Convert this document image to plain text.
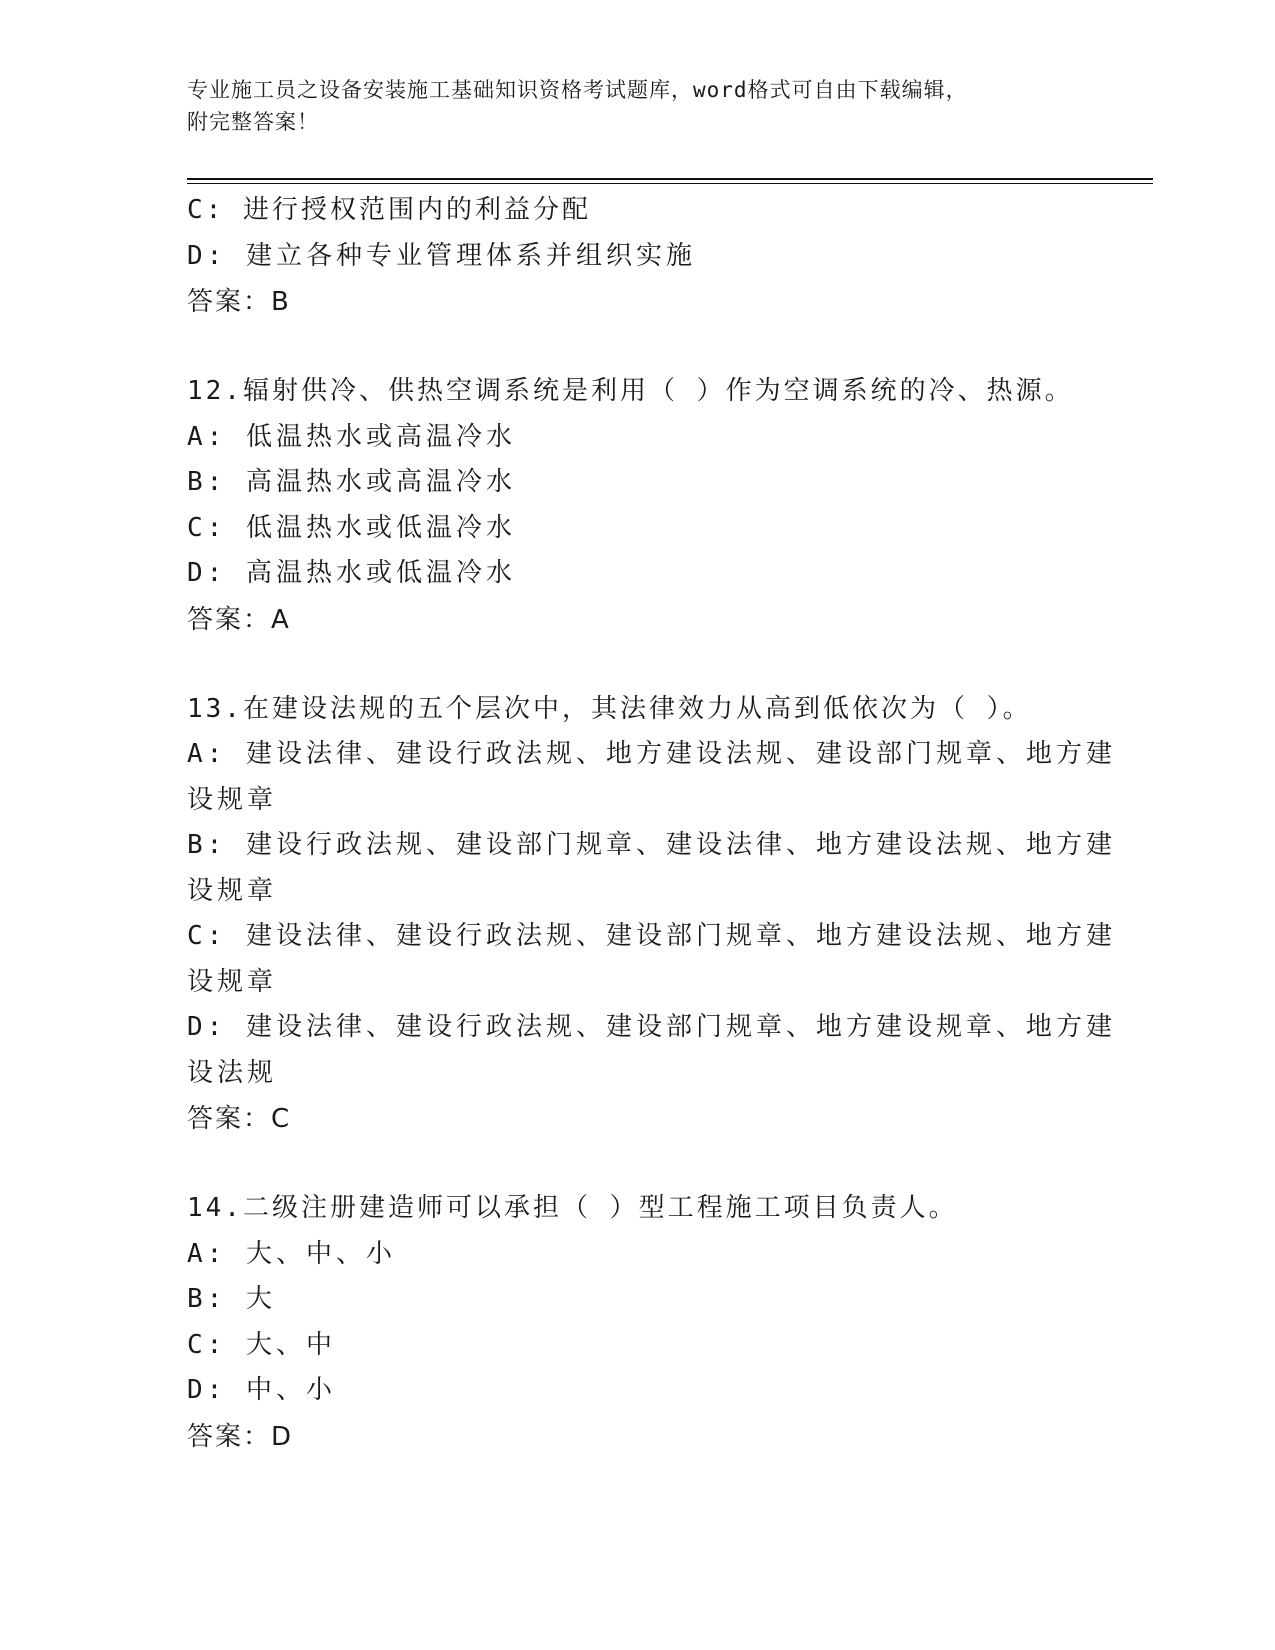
专业施工员之设备安装施工基础知识资格考试题库，word格式可自由下载编辑，
附完整答案！
C: 进行授权范围内的利益分配
D: 建立各种专业管理体系并组织实施
答案：B
12.辐射供冷、供热空调系统是利用（ ）作为空调系统的冷、热源。
A: 低温热水或高温冷水
B: 高温热水或高温冷水
C: 低温热水或低温冷水
D: 高温热水或低温冷水
答案：A
13.在建设法规的五个层次中，其法律效力从高到低依次为（ ）。
A: 建设法律、建设行政法规、地方建设法规、建设部门规章、地方建
设规章
B: 建设行政法规、建设部门规章、建设法律、地方建设法规、地方建
设规章
C: 建设法律、建设行政法规、建设部门规章、地方建设法规、地方建
设规章
D: 建设法律、建设行政法规、建设部门规章、地方建设规章、地方建
设法规
答案：C
14.二级注册建造师可以承担（ ）型工程施工项目负责人。
A: 大、中、小
B: 大
C: 大、中
D: 中、小
答案：D
